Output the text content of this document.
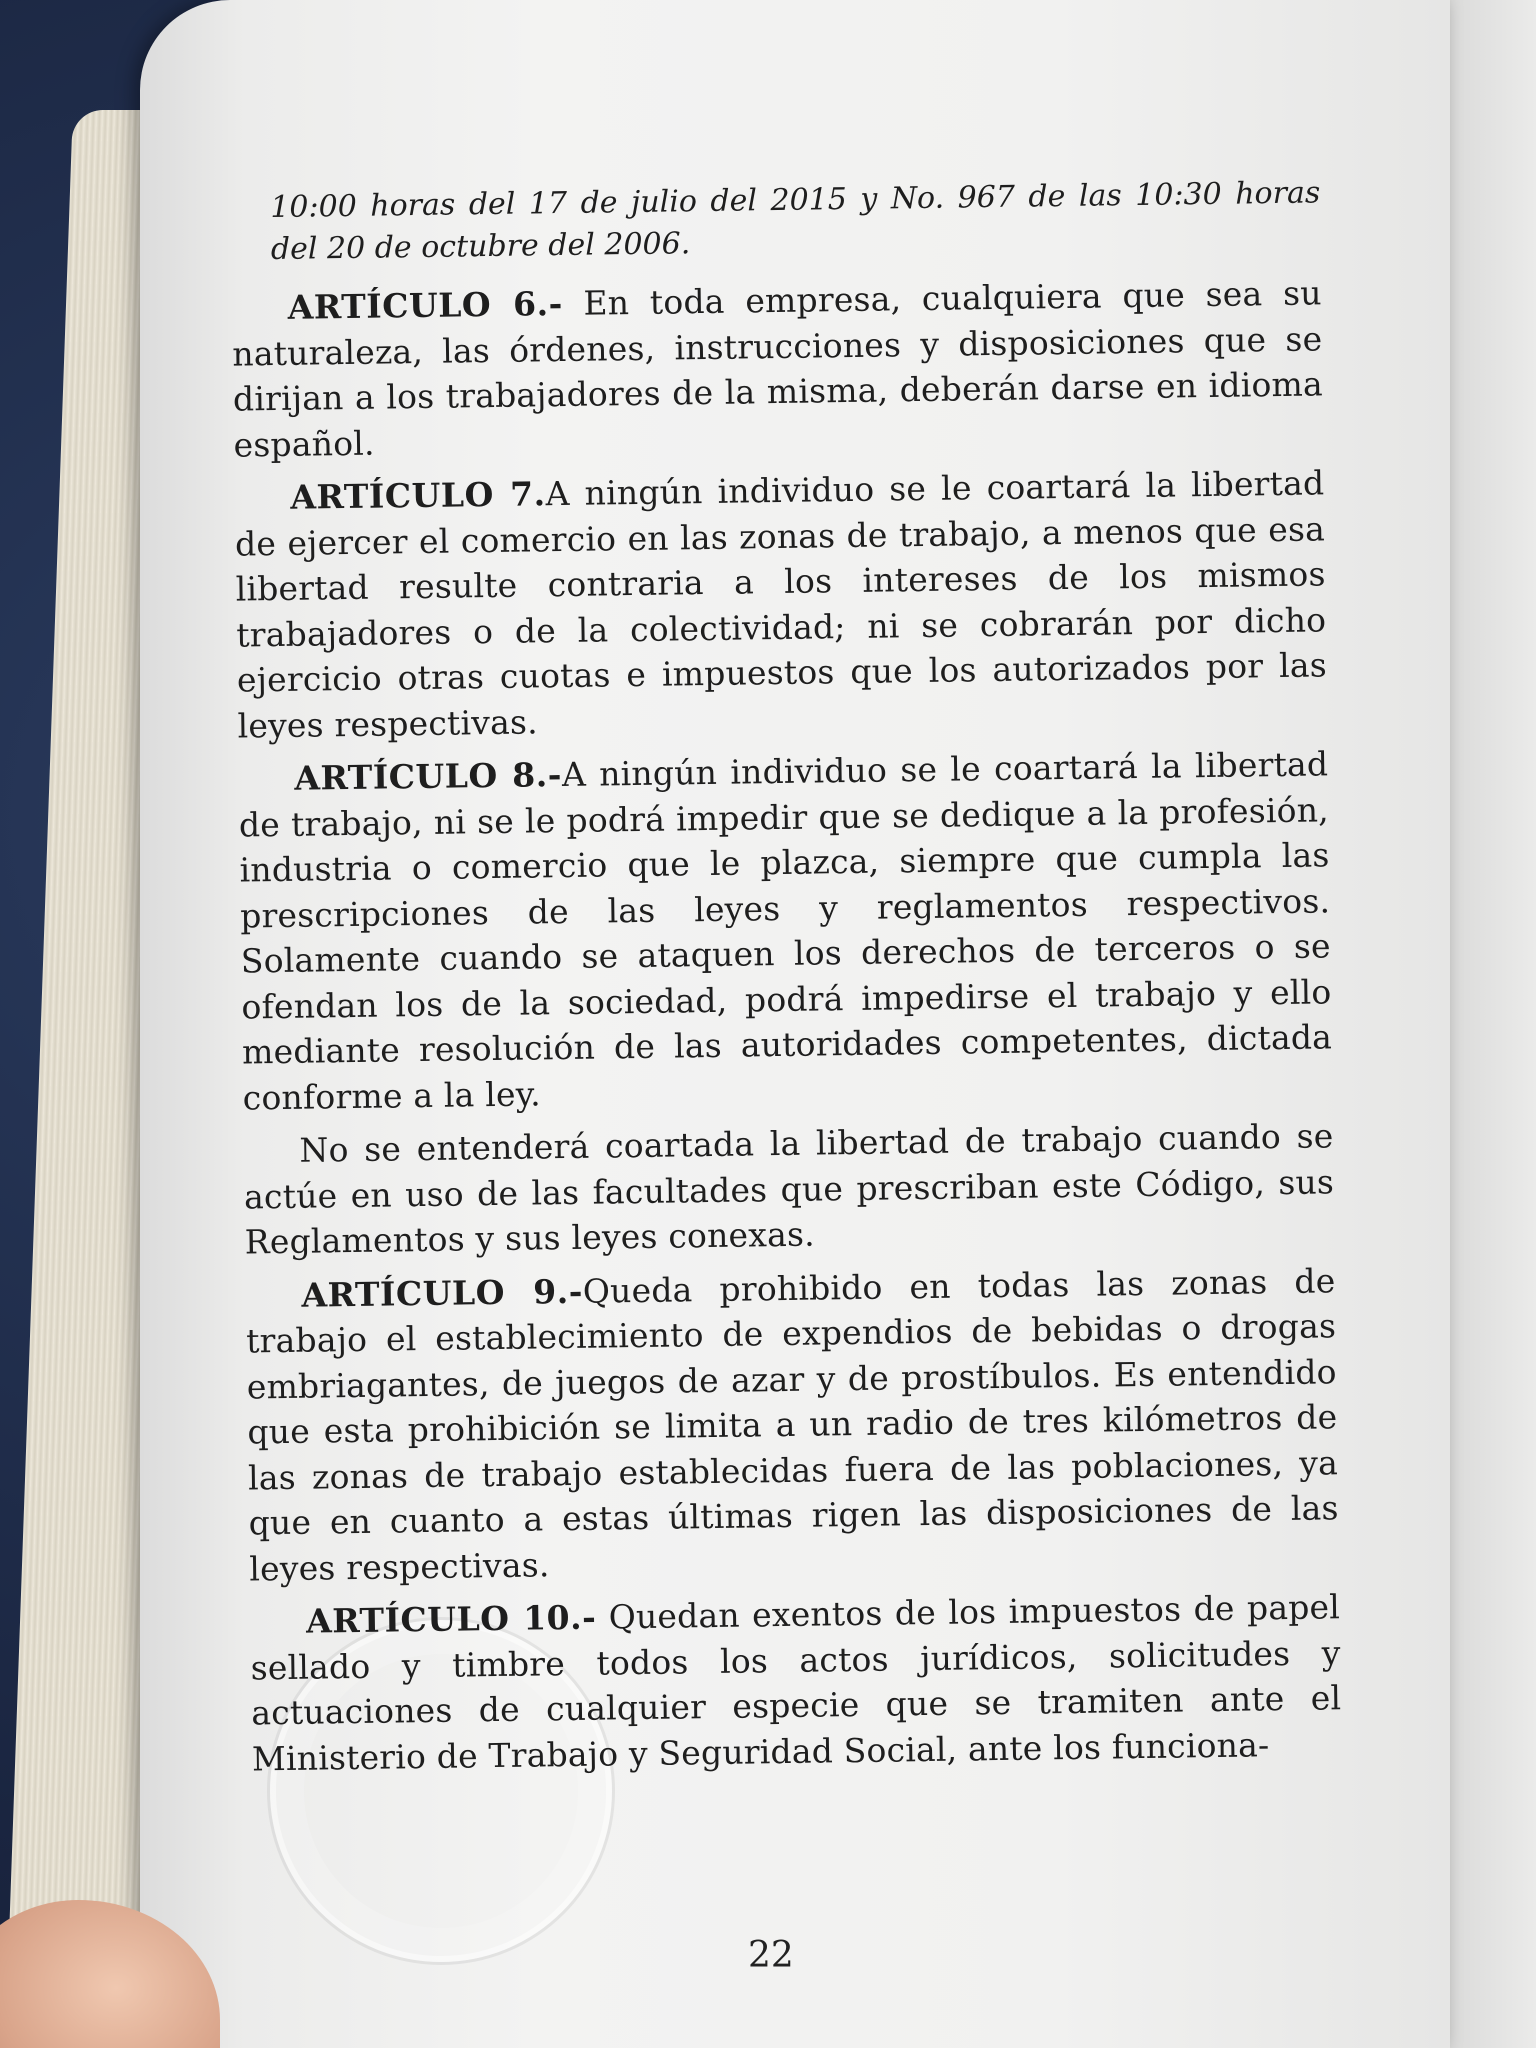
10:00 horas del 17 de julio del 2015 y No. 967 de las 10:30 horas del 20 de octubre del 2006.

ARTÍCULO 6.- En toda empresa, cualquiera que sea su naturaleza, las órdenes, instrucciones y disposiciones que se dirijan a los trabajadores de la misma, deberán darse en idioma español.

ARTÍCULO 7.A ningún individuo se le coartará la libertad de ejercer el comercio en las zonas de trabajo, a menos que esa libertad resulte contraria a los intereses de los mismos trabajadores o de la colectividad; ni se cobrarán por dicho ejercicio otras cuotas e impuestos que los autorizados por las leyes respectivas.

ARTÍCULO 8.-A ningún individuo se le coartará la libertad de trabajo, ni se le podrá impedir que se dedique a la profesión, industria o comercio que le plazca, siempre que cumpla las prescripciones de las leyes y reglamentos respectivos. Solamente cuando se ataquen los derechos de terceros o se ofendan los de la sociedad, podrá impedirse el trabajo y ello mediante resolución de las autoridades competentes, dictada conforme a la ley.

No se entenderá coartada la libertad de trabajo cuando se actúe en uso de las facultades que prescriban este Código, sus Reglamentos y sus leyes conexas.

ARTÍCULO 9.-Queda prohibido en todas las zonas de trabajo el establecimiento de expendios de bebidas o drogas embriagantes, de juegos de azar y de prostíbulos. Es entendido que esta prohibición se limita a un radio de tres kilómetros de las zonas de trabajo establecidas fuera de las poblaciones, ya que en cuanto a estas últimas rigen las disposiciones de las leyes respectivas.

ARTÍCULO 10.- Quedan exentos de los impuestos de papel sellado y timbre todos los actos jurídicos, solicitudes y actuaciones de cualquier especie que se tramiten ante el Ministerio de Trabajo y Seguridad Social, ante los funciona-

22
